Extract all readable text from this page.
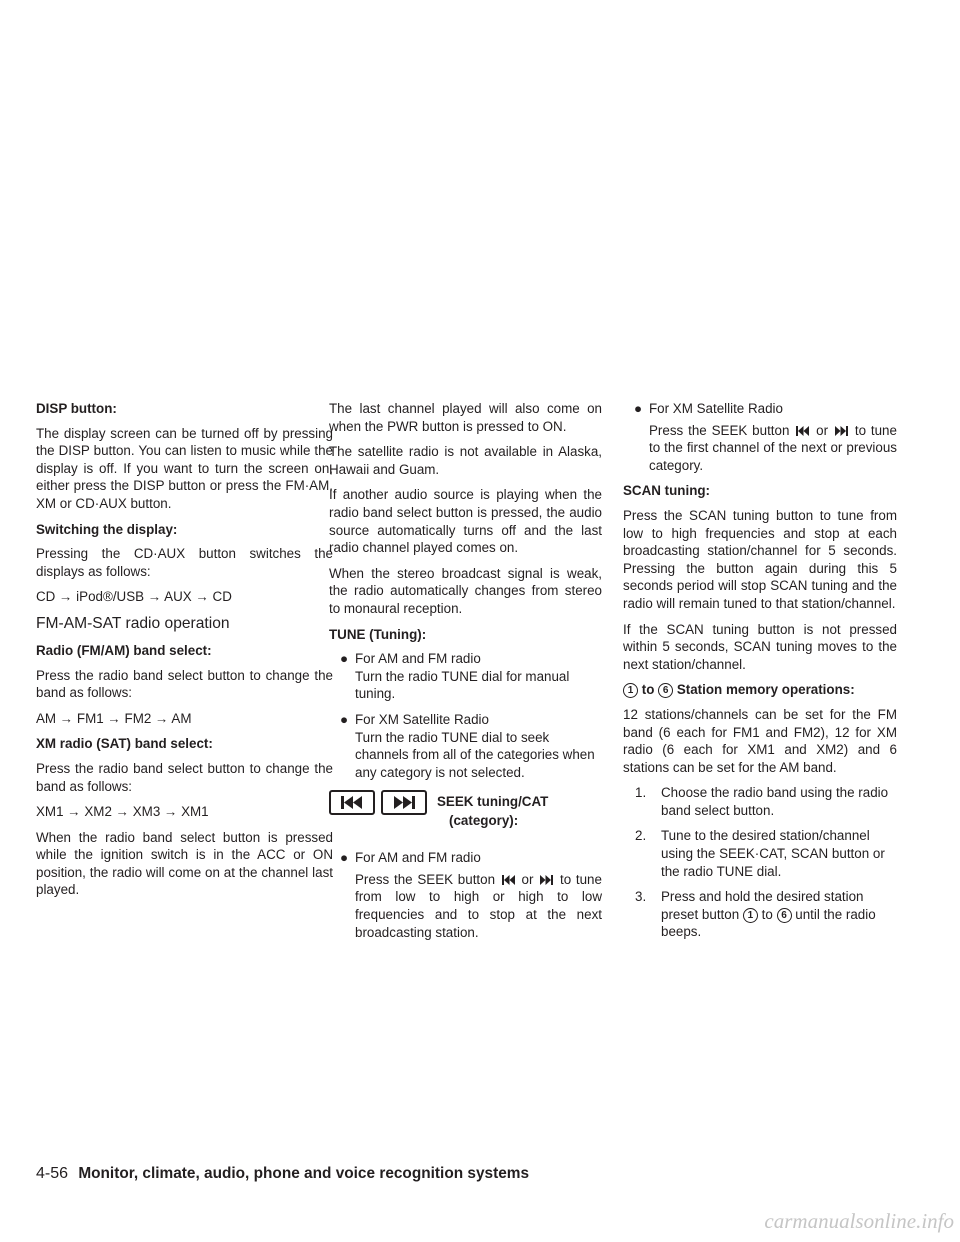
DISP button:

The display screen can be turned off by pressing the DISP button. You can listen to music while the display is off. If you want to turn the screen on, either press the DISP button or press the FM·AM, XM or CD·AUX button.

Switching the display:

Pressing the CD·AUX button switches the displays as follows:

CD → iPod®/USB → AUX → CD

FM-AM-SAT radio operation

Radio (FM/AM) band select:

Press the radio band select button to change the band as follows:

AM → FM1 → FM2 → AM

XM radio (SAT) band select:

Press the radio band select button to change the band as follows:

XM1 → XM2 → XM3 → XM1

When the radio band select button is pressed while the ignition switch is in the ACC or ON position, the radio will come on at the channel last played.

The last channel played will also come on when the PWR button is pressed to ON.

The satellite radio is not available in Alaska, Hawaii and Guam.

If another audio source is playing when the radio band select button is pressed, the audio source automatically turns off and the last radio channel played comes on.

When the stereo broadcast signal is weak, the radio automatically changes from stereo to monaural reception.

TUNE (Tuning):

● For AM and FM radio
Turn the radio TUNE dial for manual tuning.
● For XM Satellite Radio
Turn the radio TUNE dial to seek channels from all of the categories when any category is not selected.
SEEK tuning/CAT
(category):
● For AM and FM radio
Press the SEEK button or to tune from low to high or high to low frequencies and to stop at the next broadcasting station.
● For XM Satellite Radio
Press the SEEK button or to tune to the first channel of the next or previous category.

SCAN tuning:

Press the SCAN tuning button to tune from low to high frequencies and stop at each broadcasting station/channel for 5 seconds. Pressing the button again during this 5 seconds period will stop SCAN tuning and the radio will remain tuned to that station/channel.

If the SCAN tuning button is not pressed within 5 seconds, SCAN tuning moves to the next station/channel.

1 to 6 Station memory operations:

12 stations/channels can be set for the FM band (6 each for FM1 and FM2), 12 for XM radio (6 each for XM1 and XM2) and 6 stations can be set for the AM band.

1. Choose the radio band using the radio band select button.
2. Tune to the desired station/channel using the SEEK·CAT, SCAN button or the radio TUNE dial.
3. Press and hold the desired station preset button 1 to 6 until the radio beeps.
4-56 Monitor, climate, audio, phone and voice recognition systems
carmanualsonline.info
